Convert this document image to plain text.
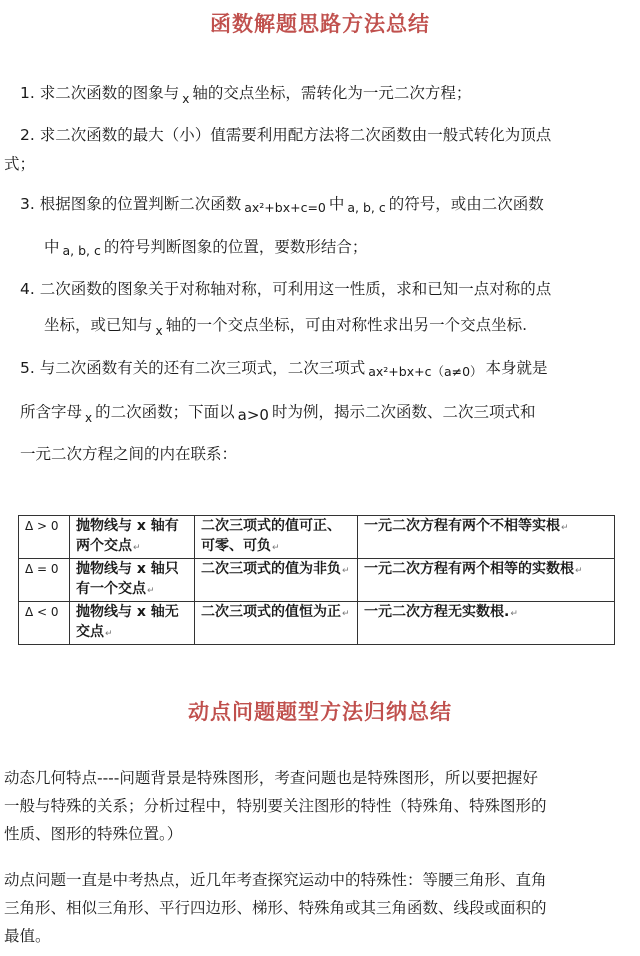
函数解题思路方法总结
1. 求二次函数的图象与 $_x$ 轴的交点坐标，需转化为一元二次方程；
2. 求二次函数的最大（小）值需要利用配方法将二次函数由一般式转化为顶点
式；
3. 根据图象的位置判断二次函数 ax²+bx+c=0 中 a, b, c 的符号，或由二次函数
中 a, b, c 的符号判断图象的位置，要数形结合；
4. 二次函数的图象关于对称轴对称，可利用这一性质，求和已知一点对称的点
坐标，或已知与 $_x$ 轴的一个交点坐标，可由对称性求出另一个交点坐标.
5. 与二次函数有关的还有二次三项式，二次三项式 ax²+bx+c（a≠0） 本身就是
所含字母 $_x$ 的二次函数；下面以 a>0 时为例，揭示二次函数、二次三项式和
一元二次方程之间的内在联系：
Δ > 0	抛物线与 x 轴有两个交点↵	二次三项式的值可正、可零、可负↵	一元二次方程有两个不相等实根↵
Δ = 0	抛物线与 x 轴只有一个交点↵	二次三项式的值为非负↵	一元二次方程有两个相等的实数根↵
Δ < 0	抛物线与 x 轴无交点↵	二次三项式的值恒为正↵	一元二次方程无实数根.↵
动点问题题型方法归纳总结
动态几何特点----问题背景是特殊图形，考查问题也是特殊图形，所以要把握好
一般与特殊的关系；分析过程中，特别要关注图形的特性（特殊角、特殊图形的
性质、图形的特殊位置。）
动点问题一直是中考热点，近几年考查探究运动中的特殊性：等腰三角形、直角
三角形、相似三角形、平行四边形、梯形、特殊角或其三角函数、线段或面积的
最值。
